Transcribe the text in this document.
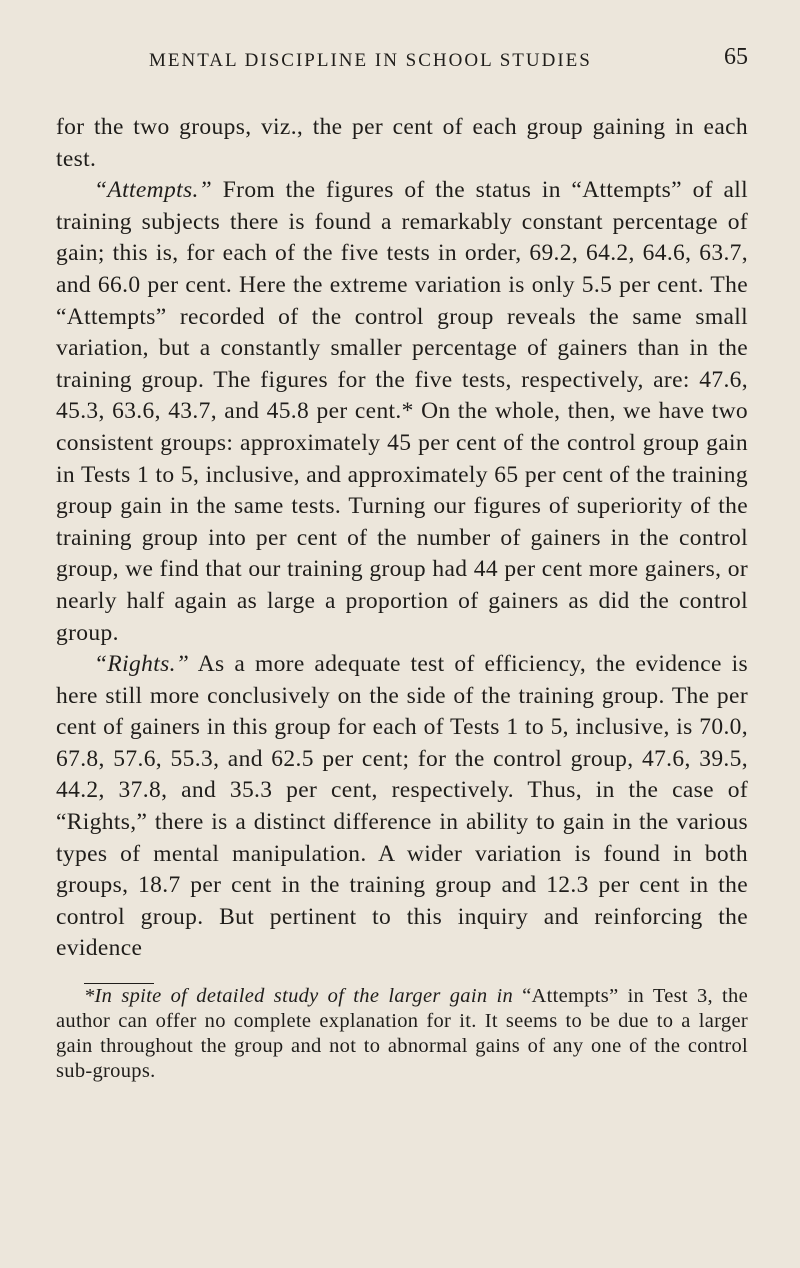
MENTAL DISCIPLINE IN SCHOOL STUDIES	65

for the two groups, viz., the per cent of each group gaining in each test.

“Attempts.” From the figures of the status in “Attempts” of all training subjects there is found a remarkably constant percentage of gain; this is, for each of the five tests in order, 69.2, 64.2, 64.6, 63.7, and 66.0 per cent. Here the extreme variation is only 5.5 per cent. The “Attempts” recorded of the control group reveals the same small variation, but a constantly smaller percentage of gainers than in the training group. The figures for the five tests, respectively, are: 47.6, 45.3, 63.6, 43.7, and 45.8 per cent.* On the whole, then, we have two consistent groups: approximately 45 per cent of the control group gain in Tests 1 to 5, inclusive, and approximately 65 per cent of the training group gain in the same tests. Turning our figures of superiority of the training group into per cent of the number of gainers in the control group, we find that our training group had 44 per cent more gainers, or nearly half again as large a proportion of gainers as did the control group.

“Rights.” As a more adequate test of efficiency, the evidence is here still more conclusively on the side of the training group. The per cent of gainers in this group for each of Tests 1 to 5, inclusive, is 70.0, 67.8, 57.6, 55.3, and 62.5 per cent; for the control group, 47.6, 39.5, 44.2, 37.8, and 35.3 per cent, respectively. Thus, in the case of “Rights,” there is a distinct difference in ability to gain in the various types of mental manipulation. A wider variation is found in both groups, 18.7 per cent in the training group and 12.3 per cent in the control group. But pertinent to this inquiry and reinforcing the evidence

*In spite of detailed study of the larger gain in “Attempts” in Test 3, the author can offer no complete explanation for it. It seems to be due to a larger gain throughout the group and not to abnormal gains of any one of the control sub-groups.
